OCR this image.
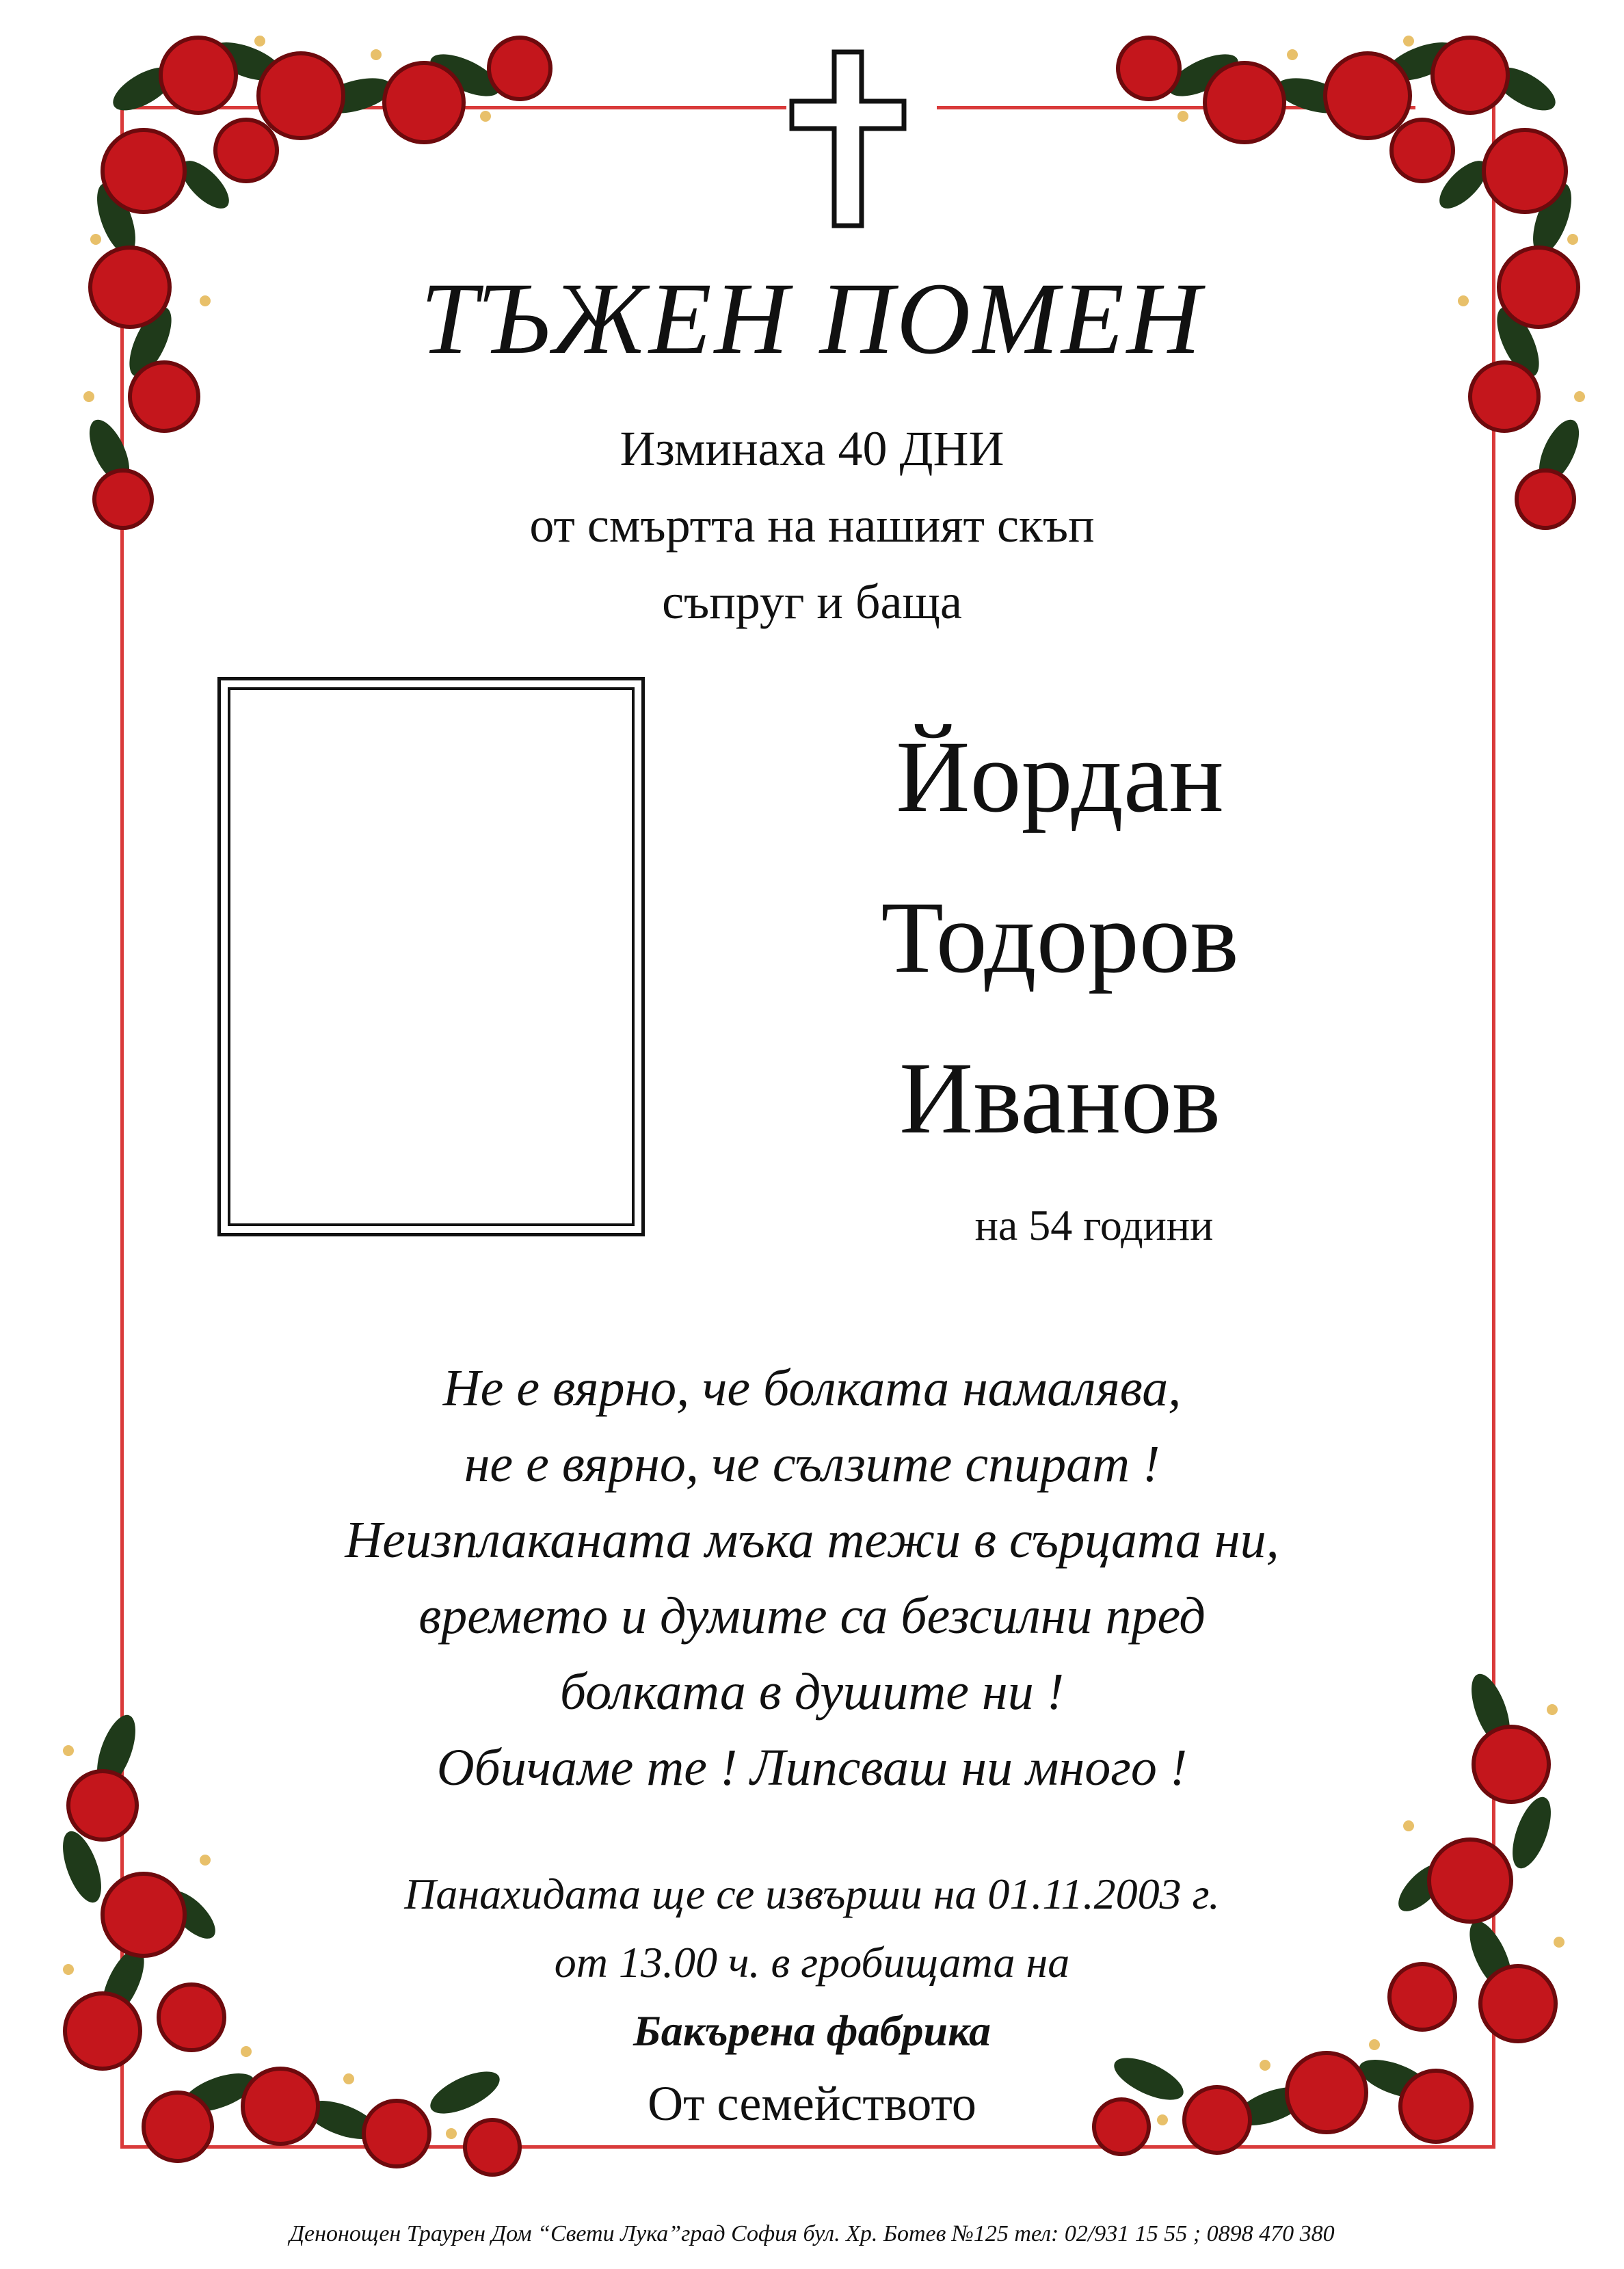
ТЪЖЕН ПОМЕН
Изминаха 40 ДНИ
от смъртта на нашият скъп
съпруг и баща
Йордан
Тодоров
Иванов
на 54 години
Не е вярно, че болката намалява,
не е вярно, че сълзите спират !
Неизплаканата мъка тежи в сърцата ни,
времето и думите са безсилни пред
болката в душите ни !
Обичаме те ! Липсваш ни много !
Панахидата ще се извърши на 01.11.2003 г.
от 13.00 ч. в гробищата на
Бакърена фабрика
От семейството
Денонощен Траурен Дом “Свети Лука”град София бул. Хр. Ботев №125 тел: 02/931 15 55 ; 0898 470 380
